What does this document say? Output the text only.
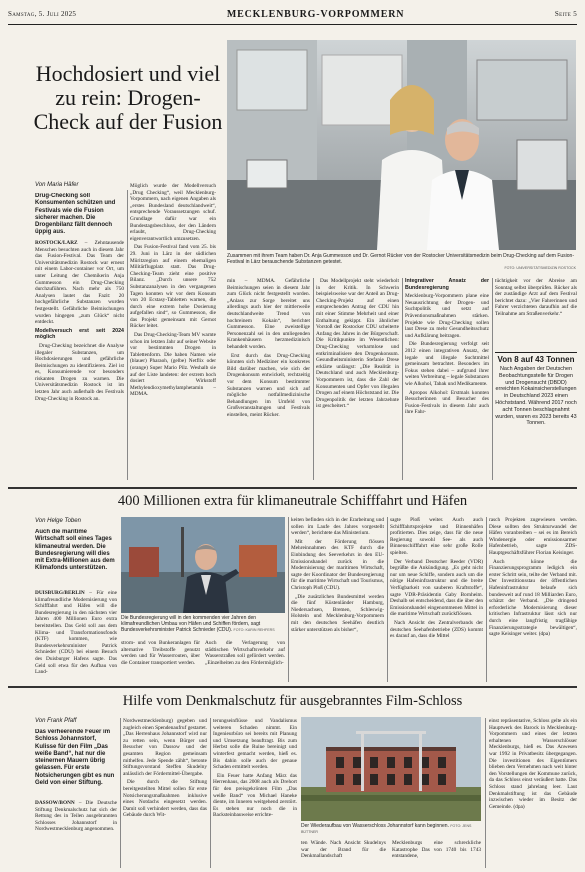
Samstag, 5. Juli 2025	MECKLENBURG-VORPOMMERN	Seite 5
Hochdosiert und viel zu rein: Drogen-Check auf der Fusion
Von Maria Häfer
Drug-Checking soll Konsumenten schützen und Festivals wie die Fusion sicherer machen. Die Drogenbilanz fällt dennoch üppig aus.

ROSTOCK/LÄRZ – Zehntausende Menschen besuchten auch in diesem Jahr das Fusion-Festival. Das Team der Universitätsmedizin Rostock war erneut mit einem Labor-container vor Ort, um unter Leitung der Chemikerin Anja Gummesson ein Drug-Checking durchzuführen. Nach mehr als 750 Analysen lautet das Fazit: 20 hochgefährliche Substanzen wurden festgestellt. Gefährliche Beimischungen wurden hingegen „zum Glück“ nicht entdeckt.

Modellversuch erst seit 2024 möglich

Drug-Checking bezeichnet die Analyse illegaler Substanzen, um Hochdosierungen und gefährliche Beimischungen zu identifizieren. Ziel ist es, Konsumierende vor besonders riskanten Drogen zu warnen. Die Universitätsmedizin Rostock ist im letzten Jahr auch außerhalb des Festivals Drug-Checking in Rostock an.

Möglich wurde der Modellversuch „Drug Checking“, weil Mecklenburg-Vorpommern, nach eigenen Angaben als „erstes Bundesland deutschlandweit“, entsprechende Voraussetzungen schuf. Grundlage dafür war ein Bundestagsbeschluss, der den Ländern erlaubt, Drug-Checking eigenverantwortlich umzusetzen.

Das Fusion-Festival fand vom 25. bis 29. Juni in Lärz in der südlichen Müritzregion auf einem ehemaligen Militärflugplatz statt. Das Drug-Checking-Team zieht eine positive Bilanz. „Durch unsere 752 Substanzanalysen in den vergangenen Tagen konnten wir vor dem Konsum von 20 Ecstasy-Tabletten warnen, die durch eine extrem hohe Dosierung aufgefallen sind“, so Gummesson, die das Projekt gemeinsam mit Gernot Rücker leitet.

Das Drug-Checking-Team MV warnte schon im letzten Jahr auf seiner Website vor bestimmten Drogen in Tablettenform. Die haben Namen wie (blauer) Pharaoh, (gelbe) Netflix oder (orange) Super Mario Pilz. Weshalb sie auf der Liste landeten: der extrem hoch dosiert Wirkstoff Methylendioxymethylamphetamin – MDMA.

Zusammen mit ihrem Team haben Dr. Anja Gummesson und Dr. Gernot Rücker von der Rostocker Universitätsmedizin beim Drug-Checking auf dem Fusion-Festival in Lärz berauschende Substanzen getestet.
FOTO: UNIVERSITÄTSMEDIZIN ROSTOCK

min – MDMA. Gefährliche Beimischungen seien in diesem Jahr zum Glück nicht festgestellt worden. „Anlass zur Sorge bereitet uns allerdings auch hier der mittlerweile deutschlandweite Trend von hochreinem Kokain“, berichtet Gummesson. Eine zweistellige Personenzahl sei in den umliegenden Krankenhäusern herzmedizinisch behandelt worden.

Erst durch das Drug-Checking könnten sich Mediziner ein konkretes Bild darüber machen, wie sich der Drogenkonsum entwickelt, rechtzeitig vor dem Konsum bestimmter Substanzen warnen und sich auf mögliche notfallmedizinische Behandlungen im Umfeld von Großveranstaltungen und Festivals einstellen, meint Rücker.

Das Modellprojekt steht wiederholt in der Kritik. In Schwerin beispielsweise war der Anteil an Drug-Checking-Projekt auf einen entsprechenden Antrag der CDU hin mit einer Stimme Mehrheit und einer Enthaltung gekippt. Ein ähnlicher Vorstoß der Rostocker CDU scheiterte Anfang des Jahres in der Bürgerschaft. Die Kritikpunkte im Wesentlichen: Drug-Checking verharmlose und entkriminalisiere den Drogenkonsum. Gesundheitsministerin Stefanie Drese erklärte unlängst: „Die Realität in Deutschland und auch Mecklenburg-Vorpommern ist, dass die Zahl der Konsumenten und Opfer von illegalen Drogen auf einem Höchststand ist. Die Drogenpolitik der letzten Jahrzehnte ist gescheitert.“

Integrativer Ansatz der Bundesregierung

Mecklenburg-Vorpommern plane eine Neuausrichtung der Drogen- und Suchtpolitik und setzt auf Präventionsmaßnahmen stärken. Projekte wie Drug-Checking sollen laut Drese zu mehr Gesundheitsschutz und Aufklärung beitragen.

Die Bundesregierung verfolgt seit 2012 einen integrativen Ansatz, der legale und illegale Suchtmittel gemeinsam betrachtet. Besonders im Fokus stehen dabei – aufgrund ihrer weiten Verbreitung – legale Substanzen wie Alkohol, Tabak und Medikamente.

Apropos Alkohol: Erstmals konnten Besucherinnen und Besucher des Fusion-Festivals in diesem Jahr auch ihre Fahr-

tüchtigkeit vor der Abreise am Sonntag selbst überprüfen. Rücker als der zuständige Arzt auf dem Festival berichtet dazu: „Vier Fahrerinnen und Fahrer verzichteten daraufhin auf die Teilnahme am Straßenverkehr.“

Von 8 auf 43 Tonnen
Nach Angaben der Deutschen Beobachtungsstelle für Drogen und Drogensucht (DBDD) erreichten Kokainsicherstellungen in Deutschland 2023 einen Höchststand. Während 2017 noch acht Tonnen beschlagnahmt wurden, waren es 2023 bereits 43 Tonnen.
400 Millionen extra für klimaneutrale Schifffahrt und Häfen
Von Helge Toben
Auch die maritime Wirtschaft soll eines Tages klimaneutral werden. Die Bundesregierung will dies mit Extra-Millionen aus dem Klimafonds unterstützen.

DUISBURG/BERLIN – Für eine klimafreundliche Modernisierung von Schifffahrt und Häfen will die Bundesregierung in den nächsten vier Jahren 400 Millionen Euro extra bereitstellen. Das Geld soll aus dem Klima- und Transformationsfonds (KTF) kommen, wie Bundesverkehrsminister Patrick Schnieder (CDU) bei einem Besuch des Duisburger Hafens sagte. Das Geld soll etwa für den Aufbau von Land-

Die Bundesregierung will in den kommenden vier Jahren den klimafreundlichen Umbau von Häfen und Schiffen fördern, sagt Bundesverkehrsminister Patrick Schnieder (CDU). FOTO: KARIN REHFERS

strom- und von Bunkeranlagen für alternative Treibstoffe genutzt werden und für Wasserrouten, über die Container transportiert werden.

Auch die Verlagerung von städtischen Wirtschaftsverkehr auf Wasserstraßen soll gefördert werden. „Einzelheiten zu den Fördermöglich-

keiten befinden sich in der Erarbeitung und sollen im Laufe des Jahres vorgestellt werden“, berichtete das Ministerium.

Mit der Förderung flössen Mehreinnahmen des KTF durch die Einbindung des Seeverkehrs in den EU-Emissionshandel zurück in die Modernisierung der maritimen Wirtschaft, sagte der Koordinator der Bundesregierung für die maritime Wirtschaft und Tourismus, Christoph Ploß (CDU).

„Die zusätzlichen Bundesmittel werden die fünf Küstenländer Hamburg, Niedersachsen, Bremen, Schleswig-Holstein und Mecklenburg-Vorpommern mit den deutschen Seehäfen deutlich stärker unterstützen als bisher“,

sagte Ploß weiter. Auch auch Schifffahrtsprojekte und Binnenhäfen profitierten. Dies zeige, dass für die neue Regierung sowohl See- als auch Binnenschifffahrt eine sehr große Rolle spielten.

Der Verband Deutscher Reeder (VDR) begrüßte die Ankündigung. „Es geht nicht nur um neue Schiffe, sondern auch um die nötige Hafeninfrastruktur und die breite Verfügbarkeit von sauberen Kraftstoffe“, sagte VDR-Präsidentin Gaby Bornheim. Deshalb sei entscheidend, dass die über den Emissionshandel eingenommenen Mittel in die maritime Wirtschaft zurückflössen.

Nach Ansicht des Zentralverbands der deutschen Seehafenbetriebe (ZDS) kommt es darauf an, dass die Mittel

rasch Projekten zugewiesen werden. Diese sollten den Strukturwandel der Häfen voranbreiben – sei es im Bereich Windenergie oder emissionsarmer Hafenbetrieb, sagte ZDS-Hauptgeschäftsführer Florian Keisinger.

Auch könne die Finanzierungsprogramm ledigich ein erster Schritt sein, teilte der Verband mit. Der Investitionsstau der öffentlichen Hafeninfrastruktur belaufe sich bundesweit auf rund 18 Milliarden Euro, schätzt der Verband. „Die dringend erforderliche Modernisierung dieser kritischen Infrastruktur lässt sich nur durch eine langfristig tragfähige Finanzierungsstrategie bewältigen“, sagte Keisinger weiter. (dpa)

Hilfe vom Denkmalschutz für ausgebranntes Film-Schloss
Von Frank Pfaff
Das verheerende Feuer im Schloss Johannstorf, Kulisse für den Film „Das weiße Band“, hat nur die steinernen Mauern übrig gelassen. Für erste Notsicherungen gibt es nun Geld von einer Stiftung.

DASSOW/BONN – Die Deutsche Stiftung Denkmalschutz hat sich der Rettung des in Teilen ausgebrannten Schlosses Johannstorf in Nordwestmecklenburg angenommen.

Nordwestmecklenburg) gegeben und zugleich einen Spendenaufruf gestartet. „Das Herrenhaus Johannstorf wird nur zu retten sein, wenn Bürger und Besucher von Dassow und der gesamten Region gemeinsam mithelfen. Jede Spende zählt“, betonte Stiftungsvorstand Steffen Skudelny anlässlich der Fördermittel-Übergabe.

Die durch die Stiftung bereitgestellten Mittel sollen für erste Notsicherungsmaßnahmen inklusive eines Notdachs eingesetzt werden. Damit soll verhindert werden, dass das Gebäude durch Wit-

terungseinflüsse und Vandalismus weiteren Schaden nimmt. Ein Ingenieurbüro sei bereits mit Planung und Umsetzung beauftragt. Bis zum Herbst solle die Ruine bereinigt und winterfest gemacht werden, hieß es. Bis dahin solle auch der genaue Schaden ermittelt werden.

Ein Feuer hatte Anfang März das Herrenhaus, das 2008 auch als Drehort für den preisgekrönten Film „Das weiße Band“ von Michael Haneke diente, im Inneren weitgehend zerstört. Es stehen nur noch die in Backsteinbauweise errichte-

Der Wiederaufbau von Wasserschloss Johannstorf kann beginnen. FOTO: JENS BÜTTNER

ten Wände. Nach Ansicht Skudelnys war der Brand für die Denkmallandschaft

Mecklenburgs eine schreckliche Katastrophe Das von 1740 bis 1743 entstandene,

einst repräsentative, Schloss gelte als ein Hauptwerk des Barock in Mecklenburg-Vorpommern und eines der letzten erhaltenen Wasserschlösser Mecklenburgs, hieß es. Das Anwesen war 1992 in Privatbesitz übergegangen. Die investitionen des Eigentümers blieben dem Vernehmen nach weit hinter den Vorstellungen der Kommune zurück, da das Schloss einst veräußert hatte. Das Schloss stand jahrelang leer. Laut Denkmalstiftung ist das Gebäude inzwischen wieder im Besitz der Gemeinde. (dpa)
